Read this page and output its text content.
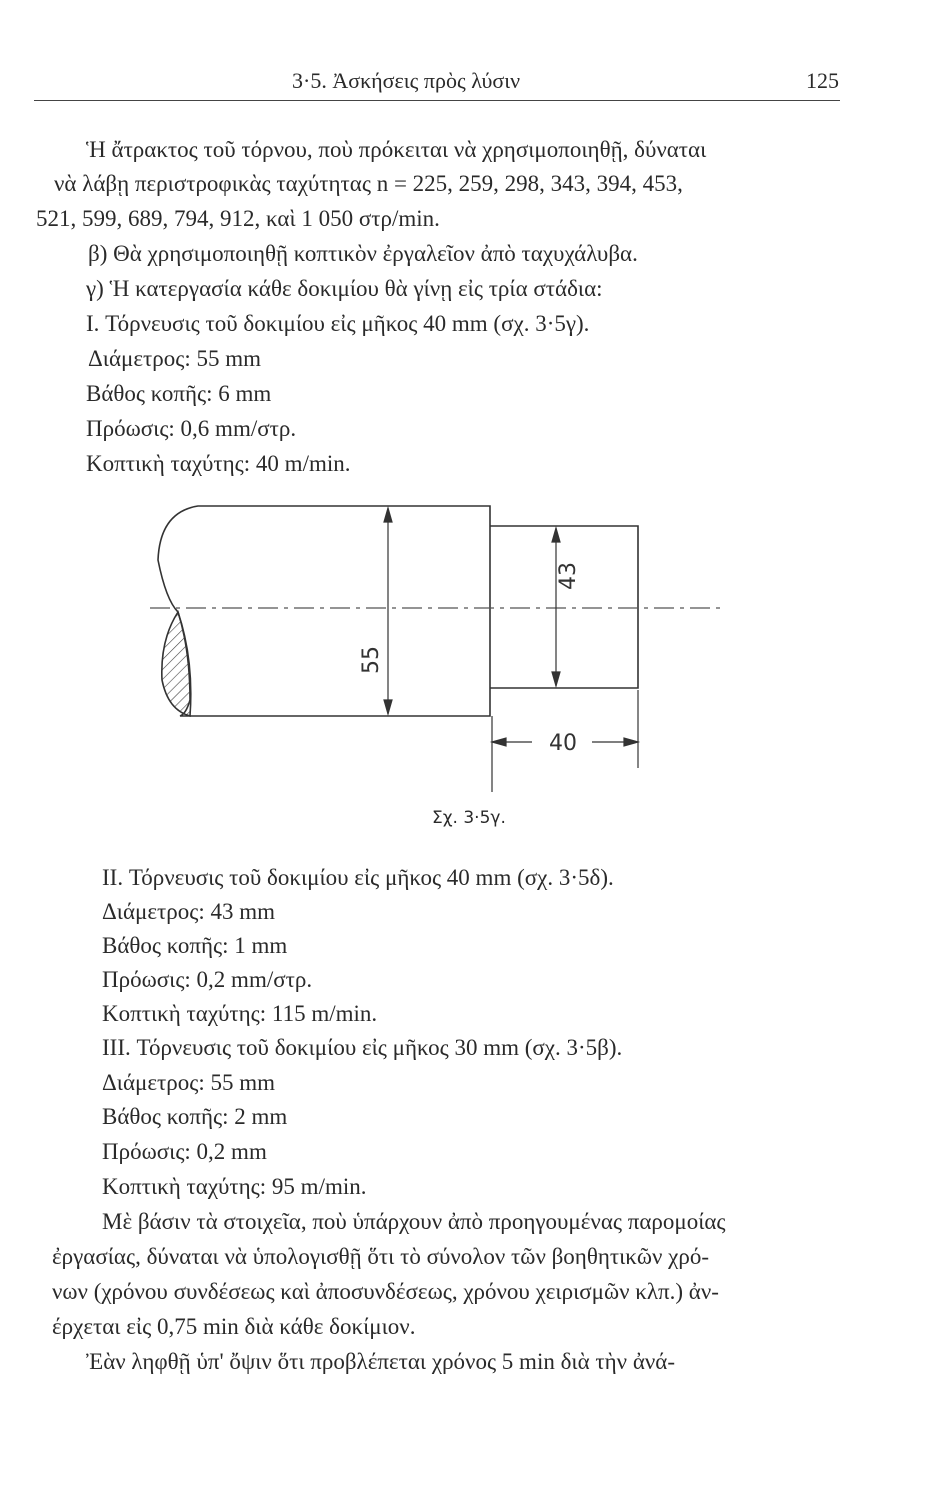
3·5. Ἀσκήσεις πρὸς λύσιν	125
Ἡ ἄτρακτος τοῦ τόρνου, ποὺ πρόκειται νὰ χρησιμοποιηθῇ, δύναται
νὰ λάβῃ περιστροφικὰς ταχύτητας n = 225, 259, 298, 343, 394, 453,
521, 599, 689, 794, 912, καὶ 1 050 στρ/min.
β) Θὰ χρησιμοποιηθῇ κοπτικὸν ἐργαλεῖον ἀπὸ ταχυχάλυβα.
γ) Ἡ κατεργασία κάθε δοκιμίου θὰ γίνῃ εἰς τρία στάδια:
I. Τόρνευσις τοῦ δοκιμίου εἰς μῆκος 40 mm (σχ. 3·5γ).
Διάμετρος: 55 mm
Βάθος κοπῆς: 6 mm
Πρόωσις: 0,6 mm/στρ.
Κοπτικὴ ταχύτης: 40 m/min.
55
43
40
Σχ. 3·5γ.
II. Τόρνευσις τοῦ δοκιμίου εἰς μῆκος 40 mm (σχ. 3·5δ).
Διάμετρος: 43 mm
Βάθος κοπῆς: 1 mm
Πρόωσις: 0,2 mm/στρ.
Κοπτικὴ ταχύτης: 115 m/min.
III. Τόρνευσις τοῦ δοκιμίου εἰς μῆκος 30 mm (σχ. 3·5β).
Διάμετρος: 55 mm
Βάθος κοπῆς: 2 mm
Πρόωσις: 0,2 mm
Κοπτικὴ ταχύτης: 95 m/min.
Μὲ βάσιν τὰ στοιχεῖα, ποὺ ὑπάρχουν ἀπὸ προηγουμένας παρομοίας
ἐργασίας, δύναται νὰ ὑπολογισθῇ ὅτι τὸ σύνολον τῶν βοηθητικῶν χρό-
νων (χρόνου συνδέσεως καὶ ἀποσυνδέσεως, χρόνου χειρισμῶν κλπ.) ἀν-
έρχεται εἰς 0,75 min διὰ κάθε δοκίμιον.
Ἐὰν ληφθῇ ὑπ' ὄψιν ὅτι προβλέπεται χρόνος 5 min διὰ τὴν ἀνά-
